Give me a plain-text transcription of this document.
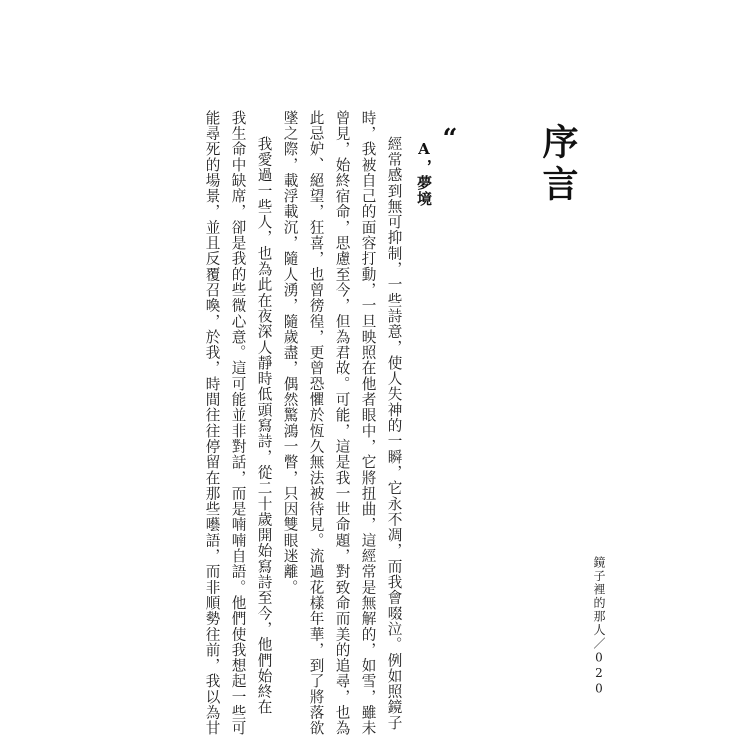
序言
“
A，夢境
經常感到無可抑制，一些詩意，使人失神的一瞬，它永不凋，而我會啜泣。例如照鏡子
時，我被自己的面容打動，一旦映照在他者眼中，它將扭曲，這經常是無解的，如雪，雖未
曾見，始終宿命，思慮至今，但為君故。可能，這是我一世命題，對致命而美的追尋，也為
此忌妒、絕望，狂喜，也曾徬徨，更曾恐懼於恆久無法被待見。流過花樣年華，到了將落欲
墜之際，載浮載沉，隨人湧，隨歲盡，偶然驚鴻一瞥，只因雙眼迷離。
我愛過一些人，也為此在夜深人靜時低頭寫詩，從二十歲開始寫詩至今，他們始終在
我生命中缺席，卻是我的些微心意。這可能並非對話，而是喃喃自語。他們使我想起一些可
能尋死的場景，並且反覆召喚，於我，時間往往停留在那些囈語，而非順勢往前，我以為甘	鏡子裡的那人／020
